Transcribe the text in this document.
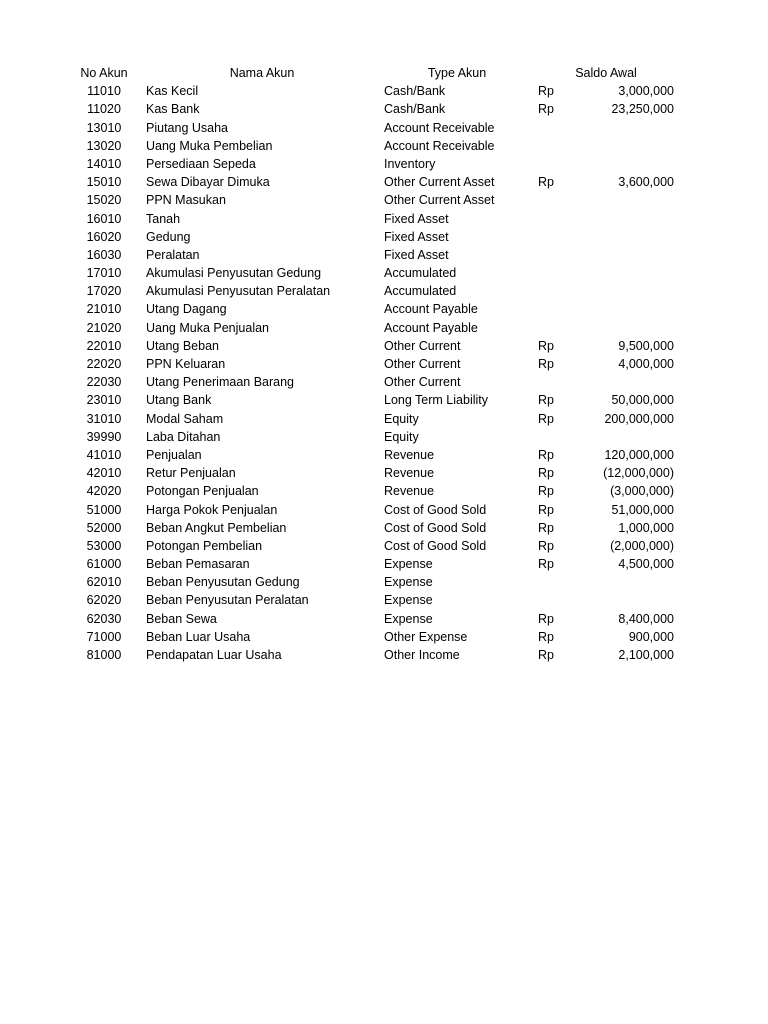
No Akun	Nama Akun	Type Akun	Saldo Awal
11010	Kas Kecil	Cash/Bank	Rp	3,000,000
11020	Kas Bank	Cash/Bank	Rp	23,250,000
13010	Piutang Usaha	Account Receivable
13020	Uang Muka Pembelian	Account Receivable
14010	Persediaan Sepeda	Inventory
15010	Sewa Dibayar Dimuka	Other Current Asset	Rp	3,600,000
15020	PPN Masukan	Other Current Asset
16010	Tanah	Fixed Asset
16020	Gedung	Fixed Asset
16030	Peralatan	Fixed Asset
17010	Akumulasi Penyusutan Gedung	Accumulated
17020	Akumulasi Penyusutan Peralatan	Accumulated
21010	Utang Dagang	Account Payable
21020	Uang Muka Penjualan	Account Payable
22010	Utang Beban	Other Current	Rp	9,500,000
22020	PPN Keluaran	Other Current	Rp	4,000,000
22030	Utang Penerimaan Barang	Other Current
23010	Utang Bank	Long Term Liability	Rp	50,000,000
31010	Modal Saham	Equity	Rp	200,000,000
39990	Laba Ditahan	Equity
41010	Penjualan	Revenue	Rp	120,000,000
42010	Retur Penjualan	Revenue	Rp	(12,000,000)
42020	Potongan Penjualan	Revenue	Rp	(3,000,000)
51000	Harga Pokok Penjualan	Cost of Good Sold	Rp	51,000,000
52000	Beban Angkut Pembelian	Cost of Good Sold	Rp	1,000,000
53000	Potongan Pembelian	Cost of Good Sold	Rp	(2,000,000)
61000	Beban Pemasaran	Expense	Rp	4,500,000
62010	Beban Penyusutan Gedung	Expense
62020	Beban Penyusutan Peralatan	Expense
62030	Beban Sewa	Expense	Rp	8,400,000
71000	Beban Luar Usaha	Other Expense	Rp	900,000
81000	Pendapatan Luar Usaha	Other Income	Rp	2,100,000
